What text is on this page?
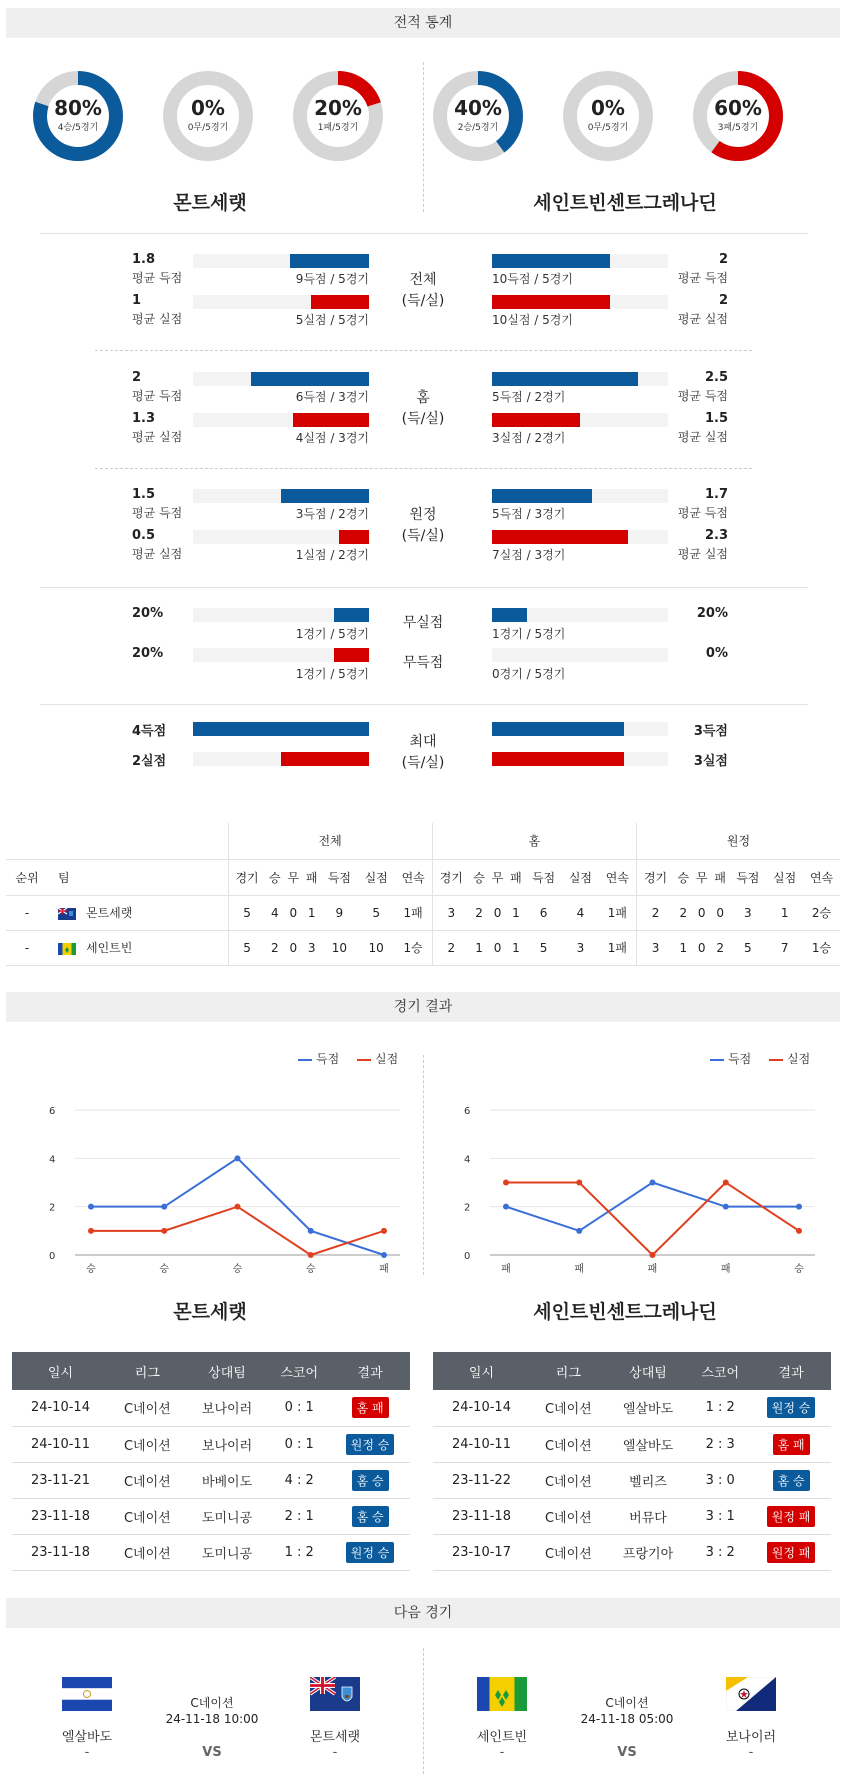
전적 통계
80%
4승/5경기
0%
0무/5경기
20%
1패/5경기
40%
2승/5경기
0%
0무/5경기
60%
3패/5경기
몬트세랫	세인트빈센트그레나딘
전체
(득/실)
1.8
평균 득점	9득점 / 5경기	10득점 / 5경기
2
평균 득점
1
평균 실점	5실점 / 5경기	10실점 / 5경기
2
평균 실점
홈
(득/실)
2
평균 득점	6득점 / 3경기	5득점 / 2경기
2.5
평균 득점
1.3
평균 실점	4실점 / 3경기	3실점 / 2경기
1.5
평균 실점
원정
(득/실)
1.5
평균 득점	3득점 / 2경기	5득점 / 3경기
1.7
평균 득점
0.5
평균 실점	1실점 / 2경기	7실점 / 3경기
2.3
평균 실점
20%
1경기 / 5경기
무실점
1경기 / 5경기
20%
20%
1경기 / 5경기
무득점
0경기 / 5경기
0%
최대
(득/실)
4득점	3득점
2실점	3실점
		전체							홈							원정						
순위	팀	경기	승	무	패	득점	실점	연속	경기	승	무	패	득점	실점	연속	경기	승	무	패	득점	실점	연속
-	몬트세랫	5	4	0	1	9	5	1패	3	2	0	1	6	4	1패	2	2	0	0	3	1	2승
-	세인트빈	5	2	0	3	10	10	1승	2	1	0	1	5	3	1패	3	1	0	2	5	7	1승
경기 결과
득점	실점	득점	실점
0
2
4
6
승	승	승	승	패
0
2
4
6
패	패	패	패	승
몬트세랫	세인트빈센트그레나딘
일시	리그	상대팀	스코어	결과
24-10-14	C네이션	보나이러	0 : 1	홈 패
24-10-11	C네이션	보나이러	0 : 1	원정 승
23-11-21	C네이션	바베이도	4 : 2	홈 승
23-11-18	C네이션	도미니공	2 : 1	홈 승
23-11-18	C네이션	도미니공	1 : 2	원정 승
일시	리그	상대팀	스코어	결과
24-10-14	C네이션	엘살바도	1 : 2	원정 승
24-10-11	C네이션	엘살바도	2 : 3	홈 패
23-11-22	C네이션	벨리즈	3 : 0	홈 승
23-11-18	C네이션	버뮤다	3 : 1	원정 패
23-10-17	C네이션	프랑기아	3 : 2	원정 패
다음 경기
엘살바도
-
C네이션
24-11-18 10:00
VS
몬트세랫
-
세인트빈
-
C네이션
24-11-18 05:00
VS
보나이러
-
